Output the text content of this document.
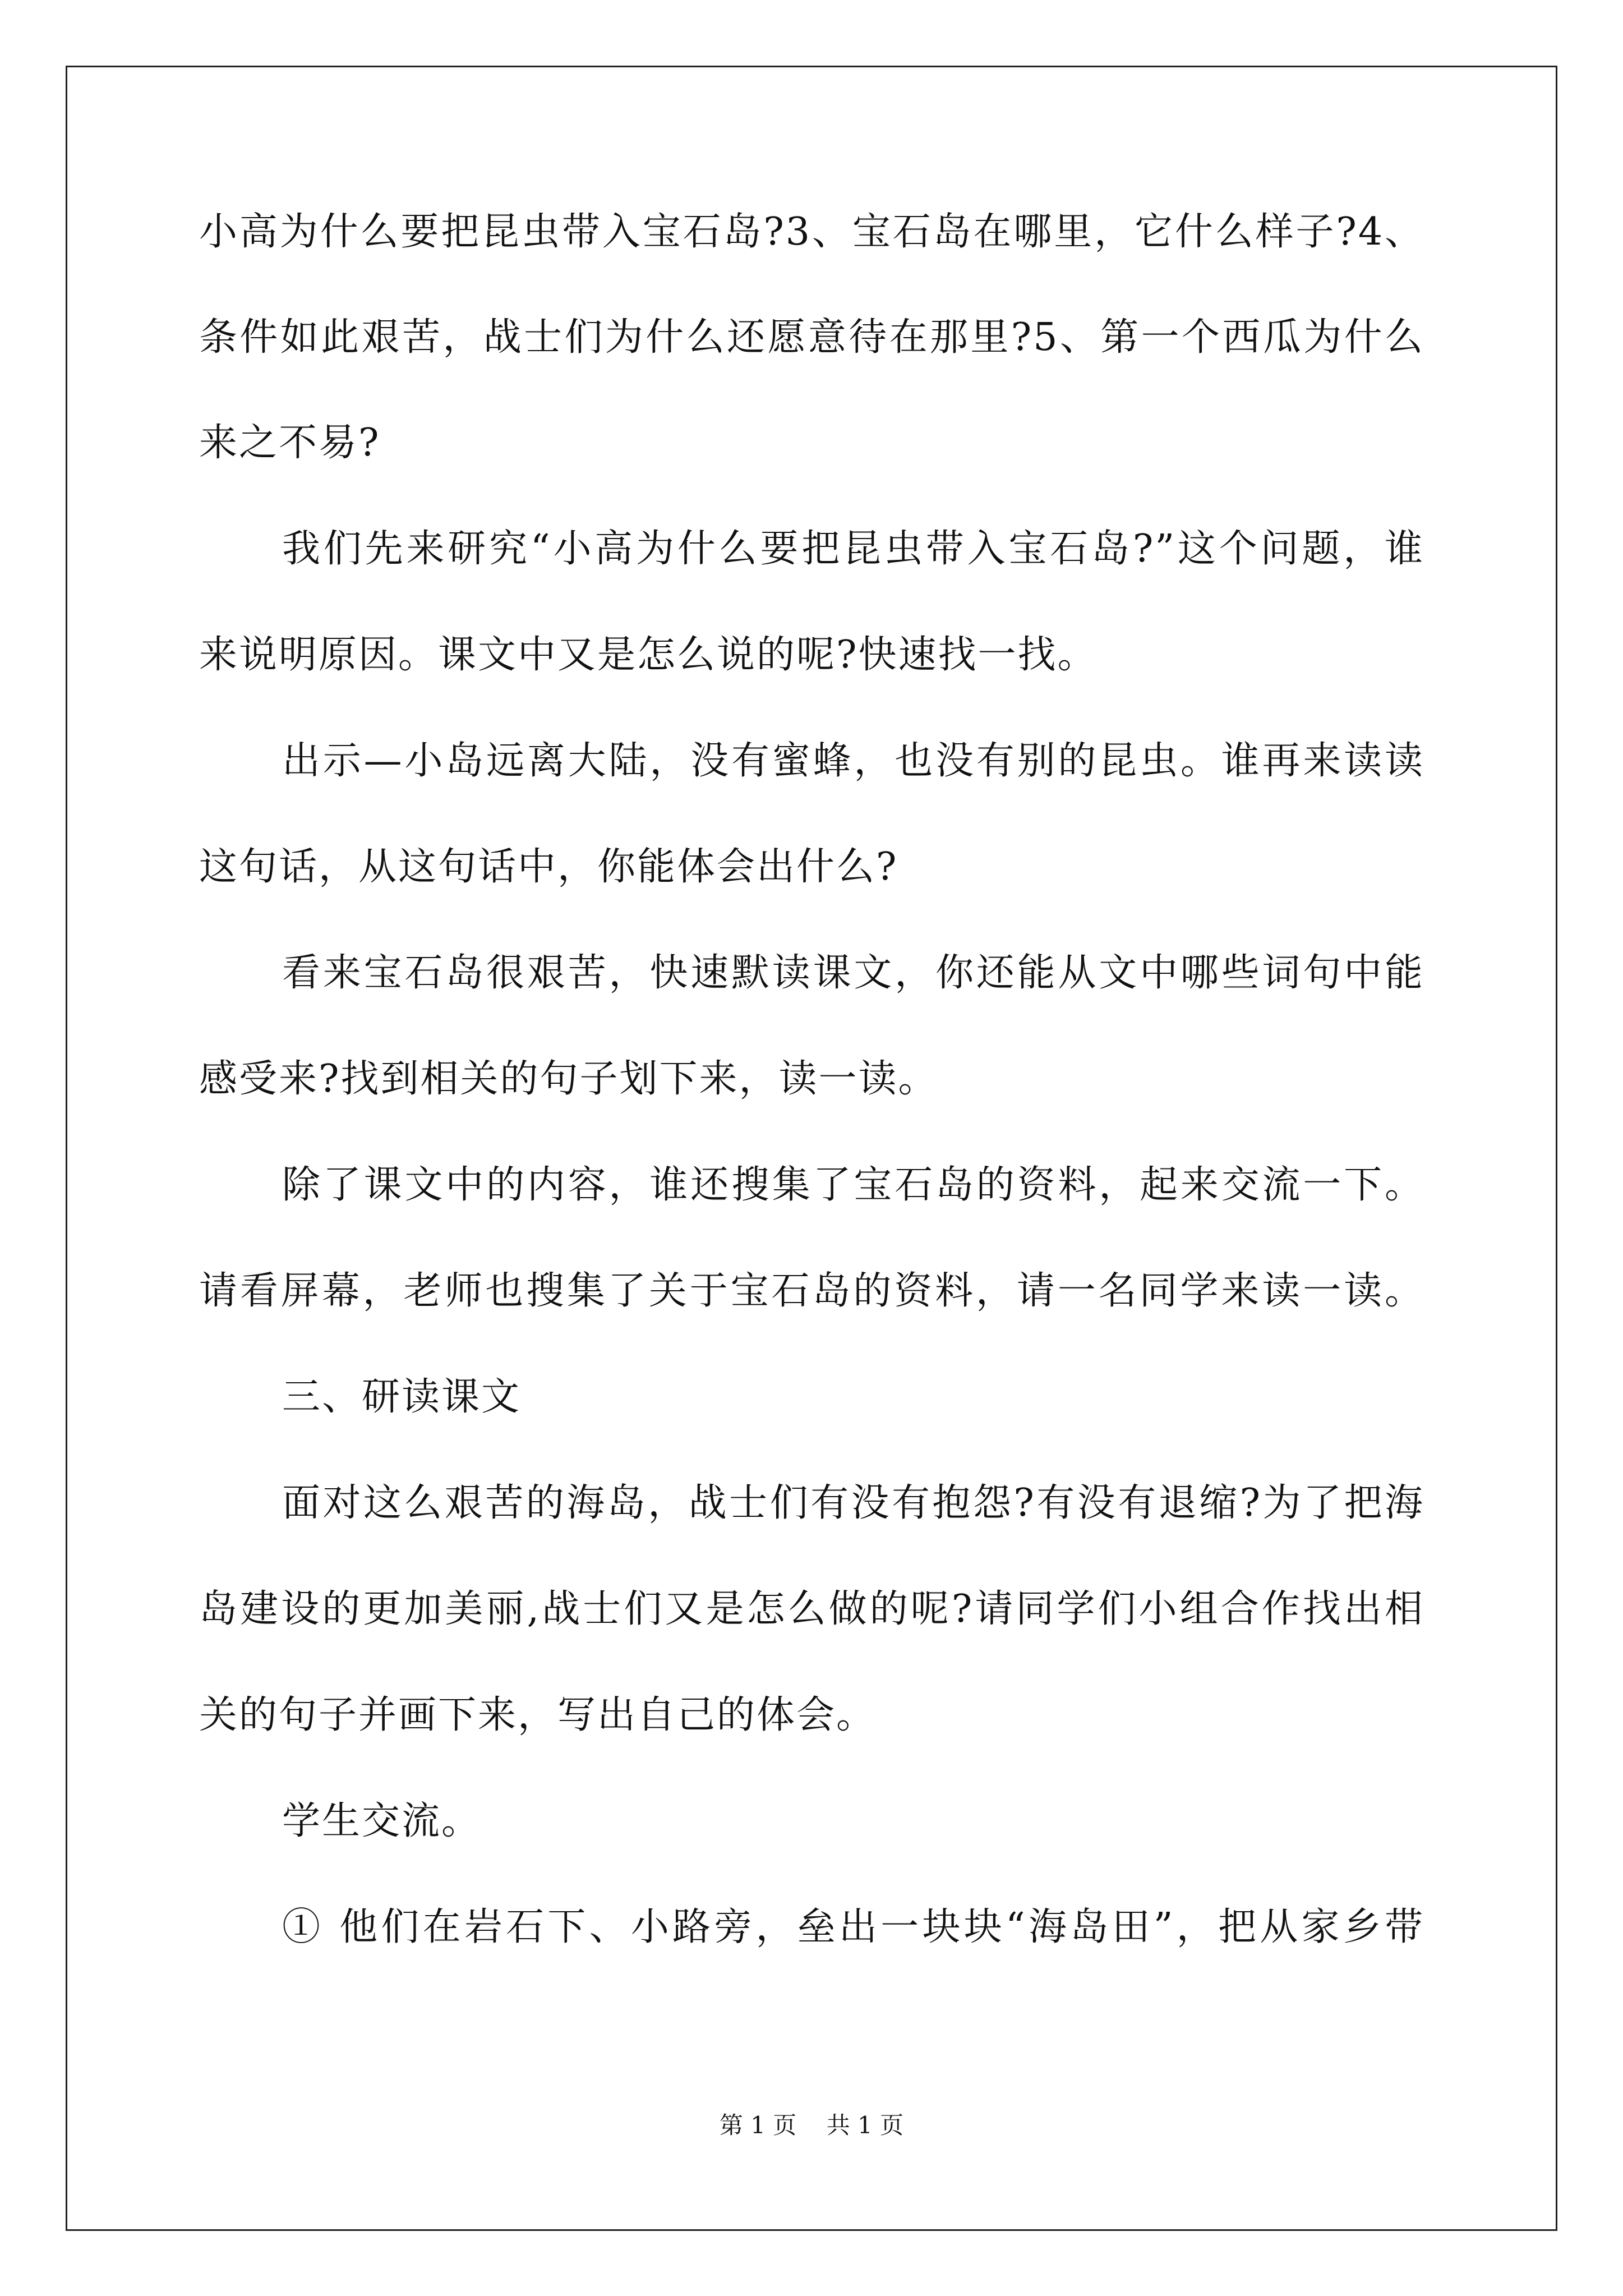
小高为什么要把昆虫带入宝石岛?3、宝石岛在哪里，它什么样子?4、
条件如此艰苦，战士们为什么还愿意待在那里?5、第一个西瓜为什么
来之不易?
我们先来研究“小高为什么要把昆虫带入宝石岛?”这个问题，谁
来说明原因。课文中又是怎么说的呢?快速找一找。
出示—小岛远离大陆，没有蜜蜂，也没有别的昆虫。谁再来读读
这句话，从这句话中，你能体会出什么?
看来宝石岛很艰苦，快速默读课文，你还能从文中哪些词句中能
感受来?找到相关的句子划下来，读一读。
除了课文中的内容，谁还搜集了宝石岛的资料，起来交流一下。
请看屏幕，老师也搜集了关于宝石岛的资料，请一名同学来读一读。
三、研读课文
面对这么艰苦的海岛，战士们有没有抱怨?有没有退缩?为了把海
岛建设的更加美丽,战士们又是怎么做的呢?请同学们小组合作找出相
关的句子并画下来，写出自己的体会。
学生交流。
① 他们在岩石下、小路旁，垒出一块块“海岛田”，把从家乡带
第 1 页    共 1 页
